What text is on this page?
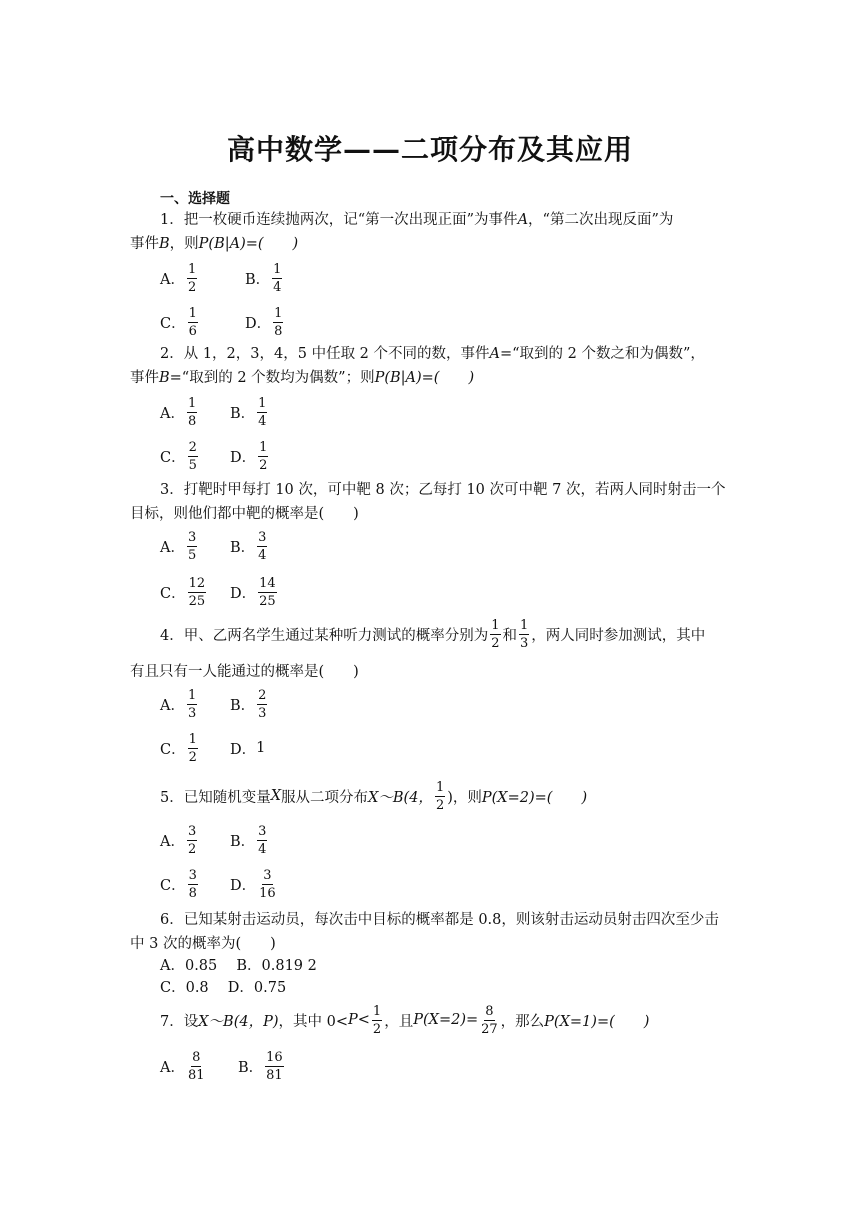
高中数学——二项分布及其应用
一、选择题
1．把一枚硬币连续抛两次，记“第一次出现正面”为事件A，“第二次出现反面”为
事件B，则P(B|A)=(　　)
A． $\frac{1}{2}$	B． $\frac{1}{4}$
C． $\frac{1}{6}$	D． $\frac{1}{8}$
2．从 1，2，3，4，5 中任取 2 个不同的数，事件A=“取到的 2 个数之和为偶数”，
事件B=“取到的 2 个数均为偶数”；则P(B|A)=(　　)
A． $\frac{1}{8}$ B． $\frac{1}{4}$
C． $\frac{2}{5}$ D． $\frac{1}{2}$
3．打靶时甲每打 10 次，可中靶 8 次；乙每打 10 次可中靶 7 次，若两人同时射击一个
目标，则他们都中靶的概率是(　　)
A． $\frac{3}{5}$ B． $\frac{3}{4}$
C． $\frac{12}{25}$ D． $\frac{14}{25}$
4．甲、乙两名学生通过某种听力测试的概率分别为 $\frac{1}{2}$ 和 $\frac{1}{3}$ ，两人同时参加测试，其中
有且只有一人能通过的概率是(　　)
A． $\frac{1}{3}$ B． $\frac{2}{3}$
C． $\frac{1}{2}$ D． 1
5．已知随机变量 X 服从二项分布 X～B(4， $\frac{1}{2}$ )，则 P(X=2)=(　　)
A． $\frac{3}{2}$ B． $\frac{3}{4}$
C． $\frac{3}{8}$ D． $\frac{3}{16}$
6．已知某射击运动员，每次击中目标的概率都是 0.8，则该射击运动员射击四次至少击
中 3 次的概率为(　　)
A．0.85　 B．0.819 2
C．0.8　 D．0.75
7．设 X～B(4，P) ，其中 $0< P < \frac{1}{2}$ ，且 $P(X=2)= \frac{8}{27}$ ，那么 P(X=1)=(　　)
A． $\frac{8}{81}$ B． $\frac{16}{81}$
